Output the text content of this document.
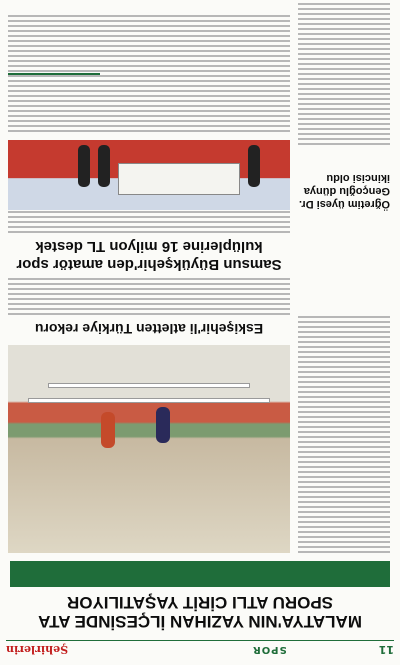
11
SPOR
Şehirlerin
MALATYA'NIN YAZIHAN İLÇESİNDE ATA SPORU ATLI CİRİT YAŞATILIYOR
Eskişehir'li atletten Türkiye rekoru
Samsun Büyükşehir'den amatör spor kulüplerine 16 milyon TL destek
Öğretim üyesi Dr. Gençoğlu dünya ikincisi oldu
